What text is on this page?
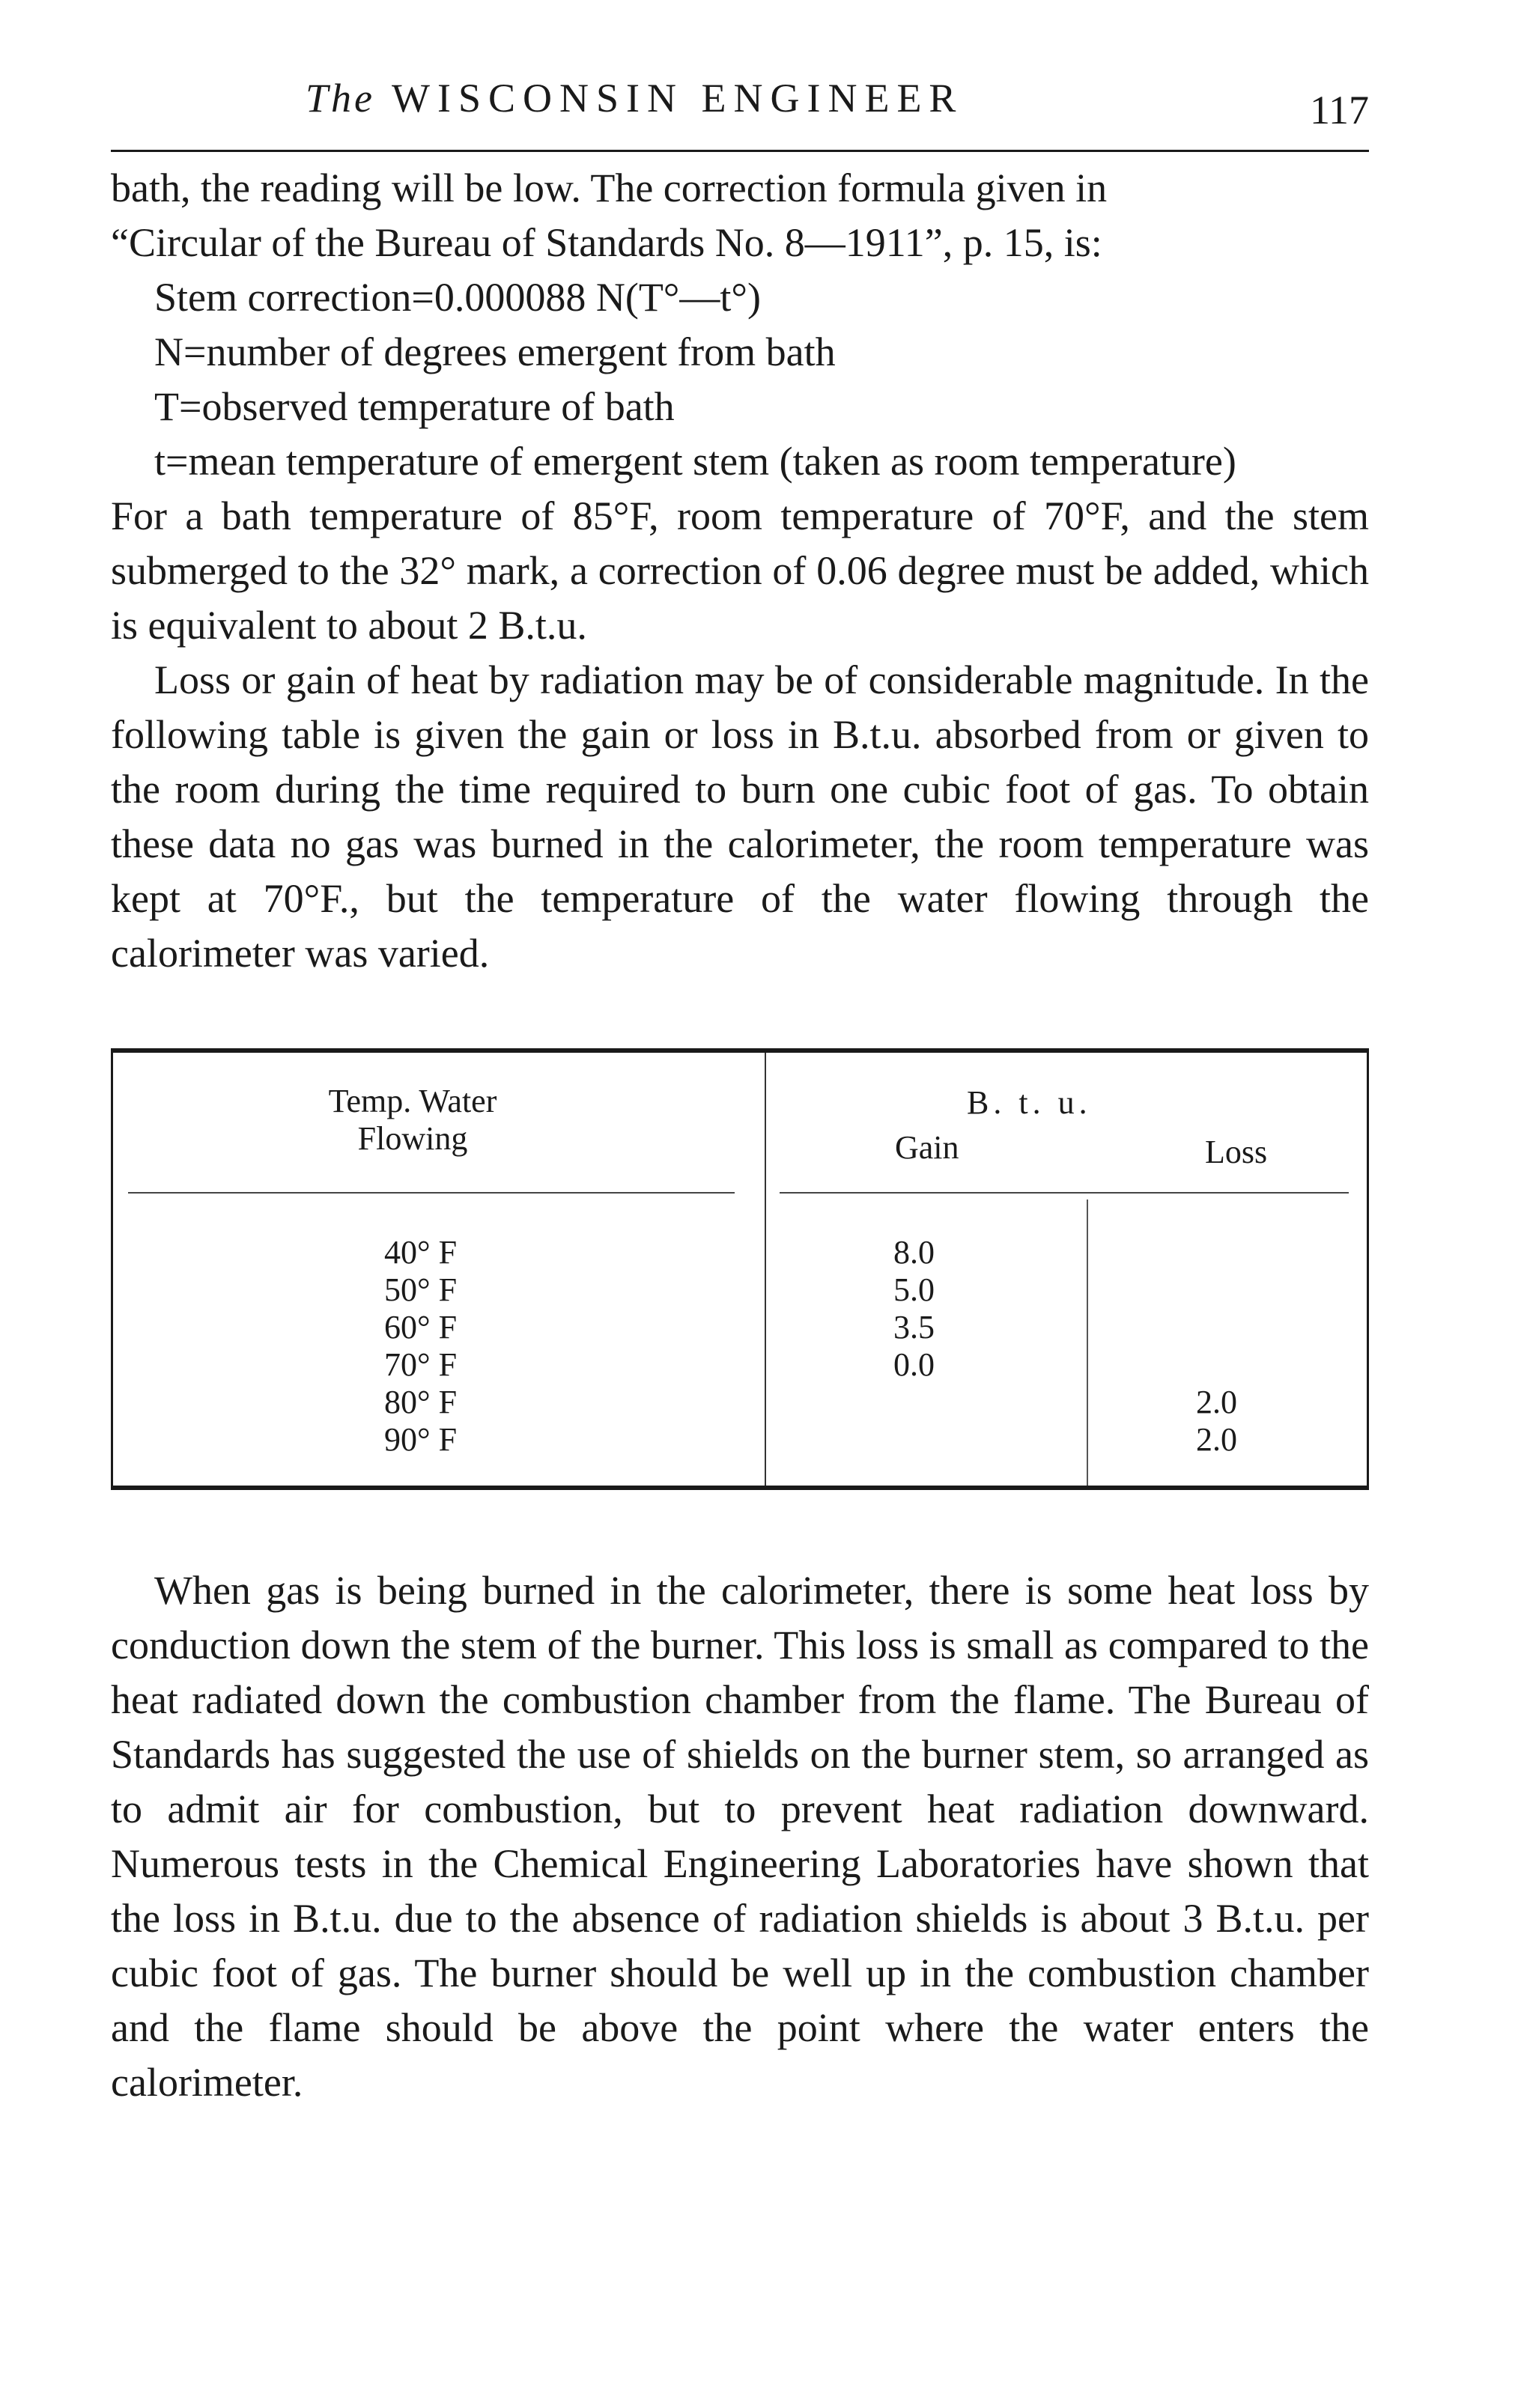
The WISCONSIN ENGINEER	117

bath, the reading will be low. The correction formula given in

“Circular of the Bureau of Standards No. 8—1911”, p. 15, is:

Stem correction=0.000088 N(T°—t°)

N=number of degrees emergent from bath

T=observed temperature of bath

t=mean temperature of emergent stem (taken as room temperature)

For a bath temperature of 85°F, room temperature of 70°F, and the stem submerged to the 32° mark, a correction of 0.06 degree must be added, which is equivalent to about 2 B.t.u.

Loss or gain of heat by radiation may be of considerable magnitude. In the following table is given the gain or loss in B.t.u. absorbed from or given to the room during the time required to burn one cubic foot of gas. To obtain these data no gas was burned in the calorimeter, the room temperature was kept at 70°F., but the temperature of the water flowing through the calorimeter was varied.

Temp. Water
Flowing
B. t. u.
Gain	Loss
40° F
50° F
60° F
70° F
80° F
90° F
8.0
5.0
3.5
0.0
2.0
2.0

When gas is being burned in the calorimeter, there is some heat loss by conduction down the stem of the burner. This loss is small as compared to the heat radiated down the combustion chamber from the flame. The Bureau of Standards has suggested the use of shields on the burner stem, so arranged as to admit air for combustion, but to prevent heat radiation downward. Numerous tests in the Chemical Engineering Laboratories have shown that the loss in B.t.u. due to the absence of radiation shields is about 3 B.t.u. per cubic foot of gas. The burner should be well up in the combustion chamber and the flame should be above the point where the water enters the calorimeter.
